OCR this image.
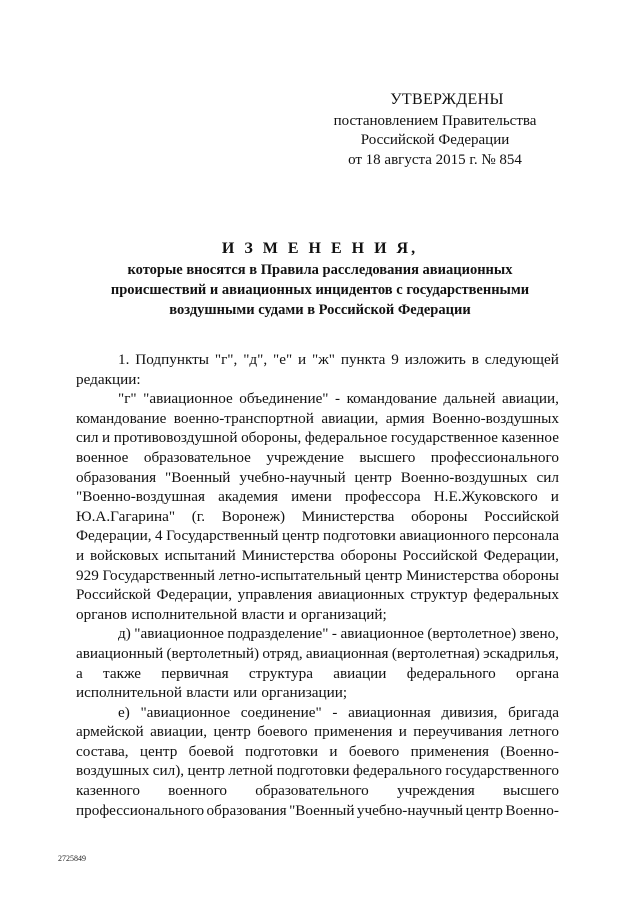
УТВЕРЖДЕНЫ
постановлением Правительства
Российской Федерации
от 18 августа 2015 г. № 854
И З М Е Н Е Н И Я,
которые вносятся в Правила расследования авиационных
происшествий и авиационных инцидентов с государственными
воздушными судами в Российской Федерации
1. Подпункты "г", "д", "е" и "ж" пункта 9 изложить в следующей
редакции:
"г" "авиационное объединение" - командование дальней авиации,
командование военно-транспортной авиации, армия Военно-воздушных
сил и противовоздушной обороны, федеральное государственное казенное
военное образовательное учреждение высшего профессионального
образования "Военный учебно-научный центр Военно-воздушных сил
"Военно-воздушная академия имени профессора Н.Е.Жуковского и
Ю.А.Гагарина" (г. Воронеж) Министерства обороны Российской
Федерации, 4 Государственный центр подготовки авиационного персонала
и войсковых испытаний Министерства обороны Российской Федерации,
929 Государственный летно-испытательный центр Министерства обороны
Российской Федерации, управления авиационных структур федеральных
органов исполнительной власти и организаций;
д) "авиационное подразделение" - авиационное (вертолетное) звено,
авиационный (вертолетный) отряд, авиационная (вертолетная) эскадрилья,
а также первичная структура авиации федерального органа
исполнительной власти или организации;
е) "авиационное соединение" - авиационная дивизия, бригада
армейской авиации, центр боевого применения и переучивания летного
состава, центр боевой подготовки и боевого применения (Военно-
воздушных сил), центр летной подготовки федерального государственного
казенного военного образовательного учреждения высшего
профессионального образования "Военный учебно-научный центр Военно-
2725849
